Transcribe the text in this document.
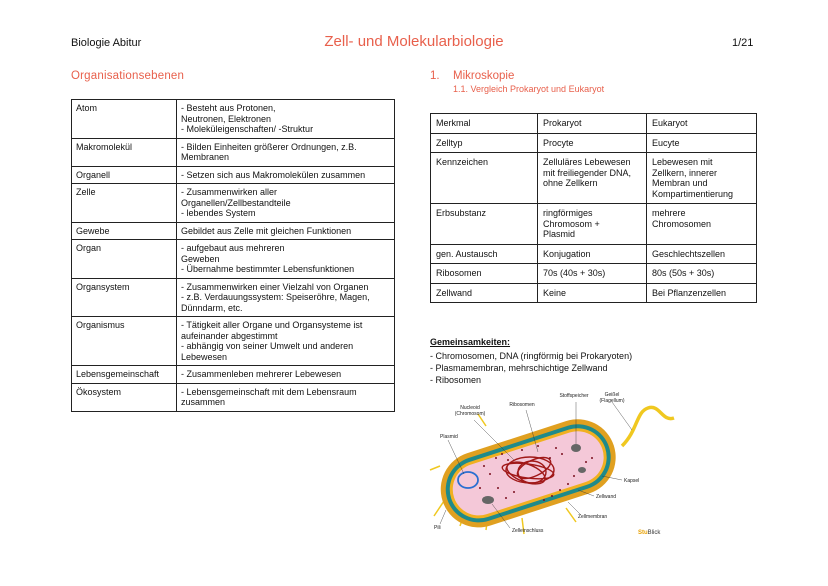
Biologie Abitur	Zell- und Molekularbiologie	1/21
Organisationsebenen
Atom	- Besteht aus Protonen,
Neutronen, Elektronen
- Moleküleigenschaften/ -Struktur
Makromolekül	- Bilden Einheiten größerer Ordnungen, z.B.
Membranen
Organell	- Setzen sich aus Makromolekülen zusammen
Zelle	- Zusammenwirken aller
Organellen/Zellbestandteile
- lebendes System
Gewebe	Gebildet aus Zelle mit gleichen Funktionen
Organ	- aufgebaut aus mehreren
Geweben
- Übernahme bestimmter Lebensfunktionen
Organsystem	- Zusammenwirken einer Vielzahl von Organen
- z.B. Verdauungssystem: Speiseröhre, Magen,
Dünndarm, etc.
Organismus	- Tätigkeit aller Organe und Organsysteme ist
aufeinander abgestimmt
- abhängig von seiner Umwelt und anderen
Lebewesen
Lebensgemeinschaft	- Zusammenleben mehrerer Lebewesen
Ökosystem	- Lebensgemeinschaft mit dem Lebensraum
zusammen
1. Mikroskopie
1.1. Vergleich Prokaryot und Eukaryot
Merkmal	Prokaryot	Eukaryot
Zelltyp	Procyte	Eucyte
Kennzeichen	Zelluläres Lebewesen
mit freiliegender DNA,
ohne Zellkern	Lebewesen mit
Zellkern, innerer
Membran und
Kompartimentierung
Erbsubstanz	ringförmiges
Chromosom +
Plasmid	mehrere
Chromosomen
gen. Austausch	Konjugation	Geschlechtszellen
Ribosomen	70s (40s + 30s)	80s (50s + 30s)
Zellwand	Keine	Bei Pflanzenzellen
Gemeinsamkeiten:
- Chromosomen, DNA (ringförmig bei Prokaryoten)
- Plasmamembran, mehrschichtige Zellwand
- Ribosomen
Nucleoid
(Chromosom)
Ribosomen
Stoffspeicher	Geißel
(Flagellum)
Plasmid
Kapsel
Zellwand
Zellmembran
Pili	Zelleinschluss	StuBlick
